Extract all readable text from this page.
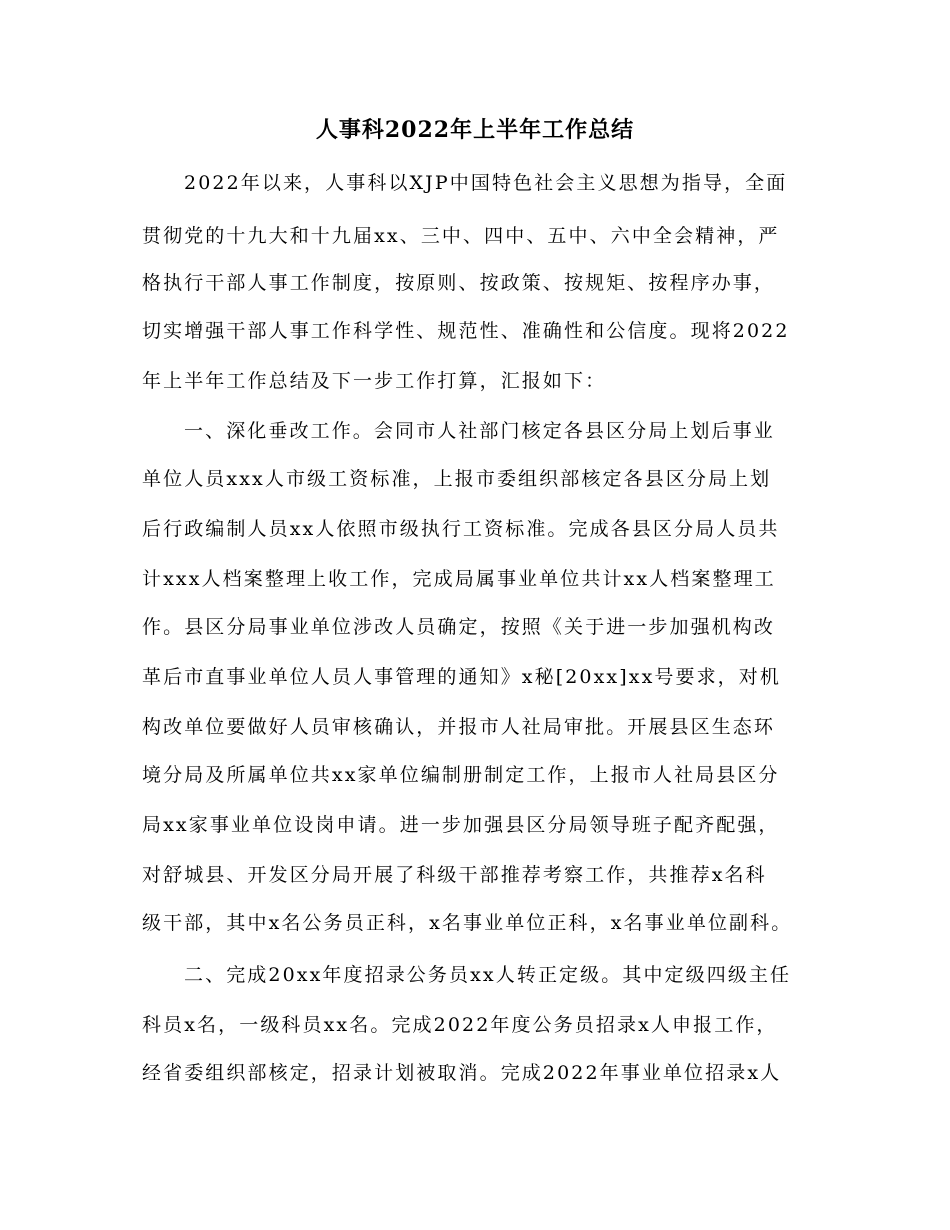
人事科2022年上半年工作总结
2022年以来，人事科以XJP中国特色社会主义思想为指导，全面
贯彻党的十九大和十九届xx、三中、四中、五中、六中全会精神，严
格执行干部人事工作制度，按原则、按政策、按规矩、按程序办事，
切实增强干部人事工作科学性、规范性、准确性和公信度。现将2022
年上半年工作总结及下一步工作打算，汇报如下：
一、深化垂改工作。会同市人社部门核定各县区分局上划后事业
单位人员xxx人市级工资标准，上报市委组织部核定各县区分局上划
后行政编制人员xx人依照市级执行工资标准。完成各县区分局人员共
计xxx人档案整理上收工作，完成局属事业单位共计xx人档案整理工
作。县区分局事业单位涉改人员确定，按照《关于进一步加强机构改
革后市直事业单位人员人事管理的通知》x秘[20xx]xx号要求，对机
构改单位要做好人员审核确认，并报市人社局审批。开展县区生态环
境分局及所属单位共xx家单位编制册制定工作，上报市人社局县区分
局xx家事业单位设岗申请。进一步加强县区分局领导班子配齐配强，
对舒城县、开发区分局开展了科级干部推荐考察工作，共推荐x名科
级干部，其中x名公务员正科，x名事业单位正科，x名事业单位副科。
二、完成20xx年度招录公务员xx人转正定级。其中定级四级主任
科员x名，一级科员xx名。完成2022年度公务员招录x人申报工作，
经省委组织部核定，招录计划被取消。完成2022年事业单位招录x人
